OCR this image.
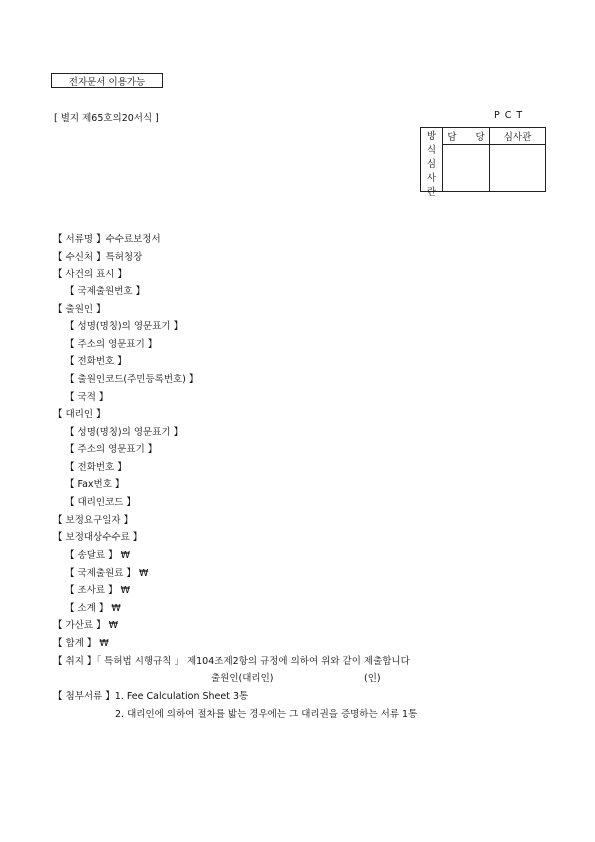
전자문서 이용가능
[ 별지 제65호의20서식 ]	PCT
방
식
심
사
란
담 당	심사관
【 서류명 】수수료보정서
【 수신처 】특허청장
【 사건의 표시 】
【 국제출원번호 】
【 출원인 】
【 성명(명칭)의 영문표기 】
【 주소의 영문표기 】
【 전화번호 】
【 출원인코드(주민등록번호) 】
【 국적 】
【 대리인 】
【 성명(명칭)의 영문표기 】
【 주소의 영문표기 】
【 전화번호 】
【 Fax번호 】
【 대리인코드 】
【 보정요구일자 】
【 보정대상수수료 】
【 송달료 】 ₩
【 국제출원료 】 ₩
【 조사료 】 ₩
【 소계 】 ₩
【 가산료 】 ₩
【 합계 】 ₩
【 취지 】「 특허법 시행규칙 」 제104조제2항의 규정에 의하여 위와 같이 제출합니다
출원인(대리인)	(인)
【 첨부서류 】1. Fee Calculation Sheet 3통
2. 대리인에 의하여 절차를 밟는 경우에는 그 대리권을 증명하는 서류 1통
